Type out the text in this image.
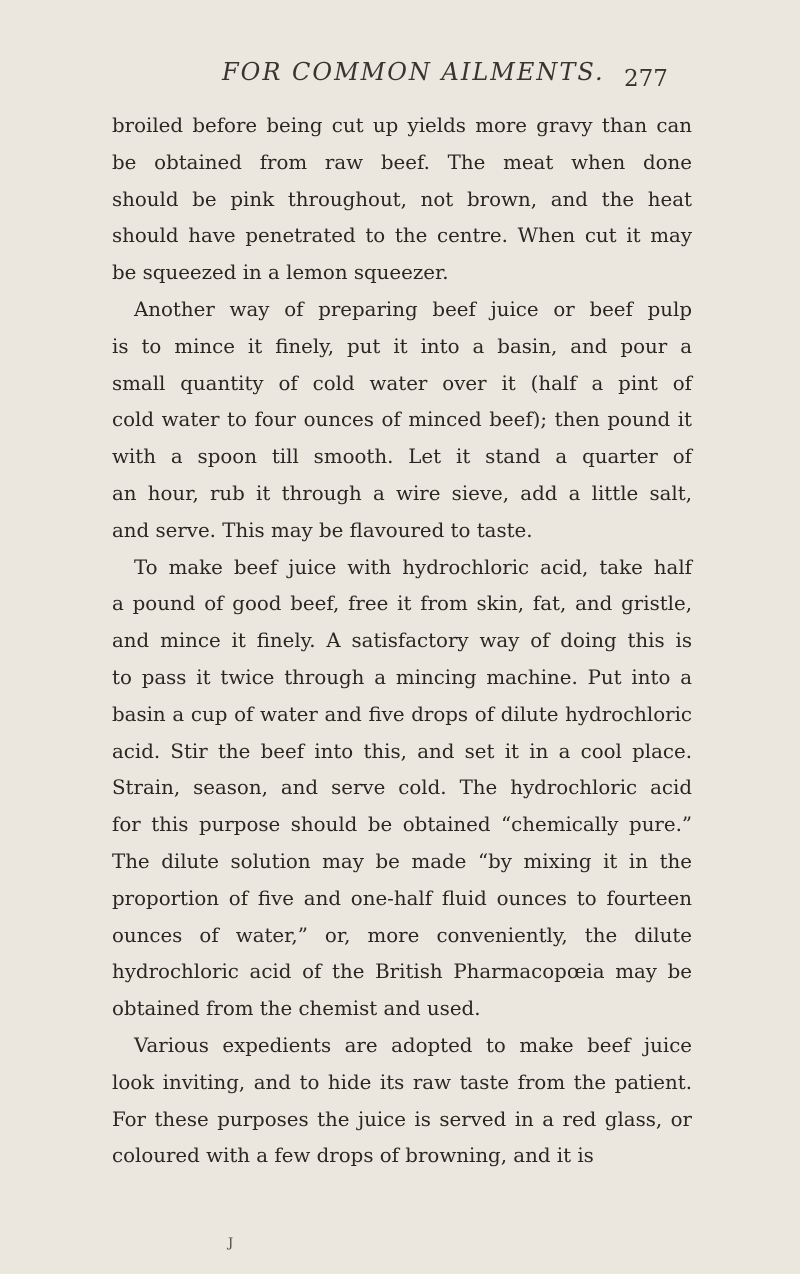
FOR COMMON AILMENTS. 277
broiled before being cut up yields more gravy than can
be obtained from raw beef. The meat when done
should be pink throughout, not brown, and the heat
should have penetrated to the centre. When cut it may
be squeezed in a lemon squeezer.
Another way of preparing beef juice or beef pulp
is to mince it finely, put it into a basin, and pour a
small quantity of cold water over it (half a pint of
cold water to four ounces of minced beef); then pound it
with a spoon till smooth. Let it stand a quarter of
an hour, rub it through a wire sieve, add a little salt,
and serve. This may be flavoured to taste.
To make beef juice with hydrochloric acid, take half
a pound of good beef, free it from skin, fat, and gristle,
and mince it finely. A satisfactory way of doing this is
to pass it twice through a mincing machine. Put into a
basin a cup of water and five drops of dilute hydrochloric
acid. Stir the beef into this, and set it in a cool place.
Strain, season, and serve cold. The hydrochloric acid
for this purpose should be obtained “chemically pure.”
The dilute solution may be made “by mixing it in the
proportion of five and one-half fluid ounces to fourteen
ounces of water,” or, more conveniently, the dilute
hydrochloric acid of the British Pharmacopœia may be
obtained from the chemist and used.
Various expedients are adopted to make beef juice
look inviting, and to hide its raw taste from the patient.
For these purposes the juice is served in a red glass, or
coloured with a few drops of browning, and it is
J
